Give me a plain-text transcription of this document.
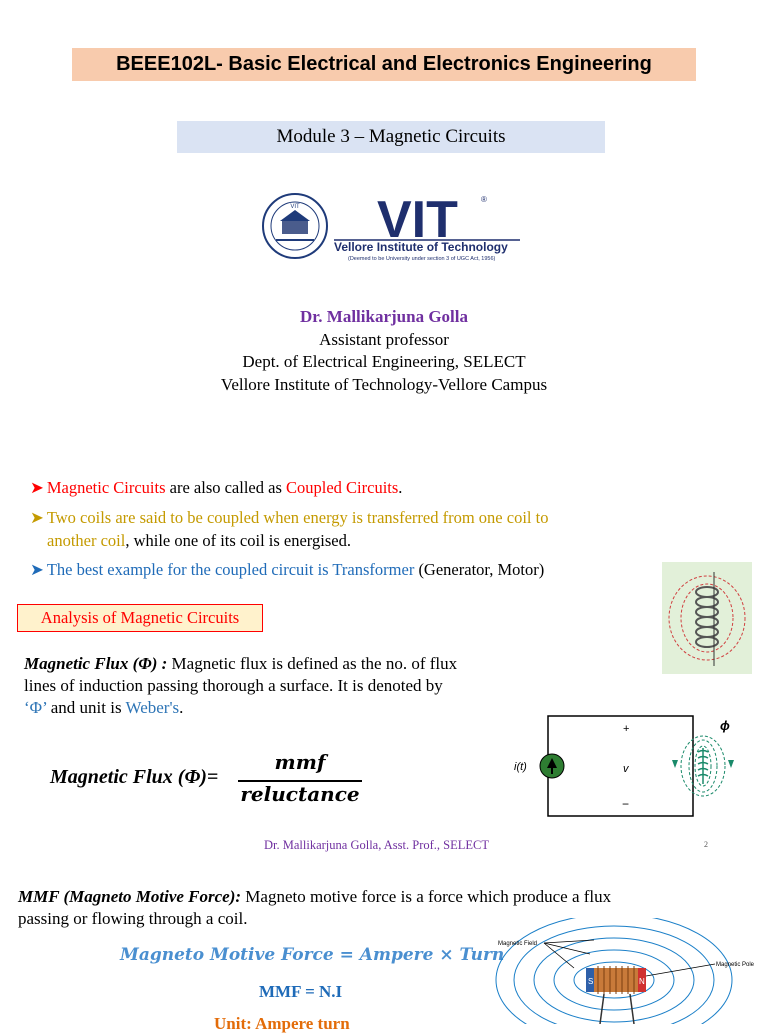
BEEE102L- Basic Electrical and Electronics Engineering
Module 3 – Magnetic Circuits
VIT VIT	®
Vellore Institute of Technology
(Deemed to be University under section 3 of UGC Act, 1956)
Dr. Mallikarjuna Golla
Assistant professor
Dept. of Electrical Engineering, SELECT
Vellore Institute of Technology-Vellore Campus
➤ Magnetic Circuits are also called as Coupled Circuits.
➤ Two coils are said to be coupled when energy is transferred from one coil to
another coil, while one of its coil is energised.
➤ The best example for the coupled circuit is Transformer (Generator, Motor)
Analysis of Magnetic Circuits
Magnetic Flux (Φ) : Magnetic flux is defined as the no. of flux
lines of induction passing thorough a surface. It is denoted by
‘Φ’ and unit is Weber's.
Magnetic Flux (Φ)=
mmf
reluctance
i(t)
+
v
−
ϕ
Dr. Mallikarjuna Golla, Asst. Prof., SELECT	2
MMF (Magneto Motive Force): Magneto motive force is a force which produce a flux
passing or flowing through a coil.
Magneto Motive Force = Ampere × Turn
MMF = N.I
Unit: Ampere turn
S	N
Magnetic Field
Magnetic Pole
